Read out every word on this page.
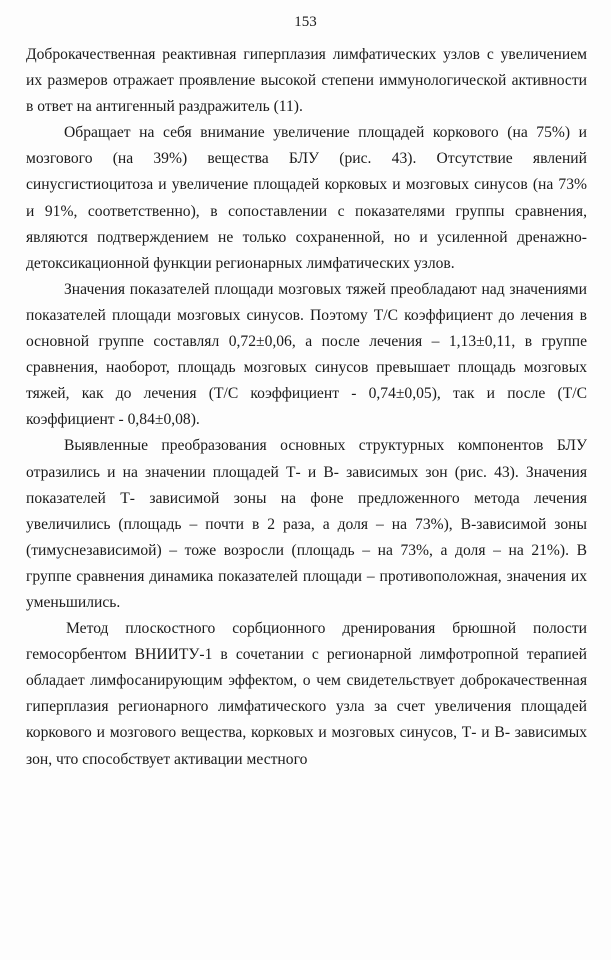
153

Доброкачественная реактивная гиперплазия лимфатических узлов с увеличением их размеров отражает проявление высокой степени иммунологической активности в ответ на антигенный раздражитель (11).

Обращает на себя внимание увеличение площадей коркового (на 75%) и мозгового (на 39%) вещества БЛУ (рис. 43). Отсутствие явлений синусгистиоцитоза и увеличение площадей корковых и мозговых синусов (на 73% и 91%, соответственно), в сопоставлении с показателями группы сравнения, являются подтверждением не только сохраненной, но и усиленной дренажно-детоксикационной функции регионарных лимфатических узлов.

Значения показателей площади мозговых тяжей преобладают над значениями показателей площади мозговых синусов. Поэтому Т/С коэффициент до лечения в основной группе составлял 0,72±0,06, а после лечения – 1,13±0,11, в группе сравнения, наоборот, площадь мозговых синусов превышает площадь мозговых тяжей, как до лечения (Т/С коэффициент - 0,74±0,05), так и после (Т/С коэффициент - 0,84±0,08).

Выявленные преобразования основных структурных компонентов БЛУ отразились и на значении площадей Т- и В- зависимых зон (рис. 43). Значения показателей Т- зависимой зоны на фоне предложенного метода лечения увеличились (площадь – почти в 2 раза, а доля – на 73%), В-зависимой зоны (тимуснезависимой) – тоже возросли (площадь – на 73%, а доля – на 21%). В группе сравнения динамика показателей площади – противоположная, значения их уменьшились.

Метод плоскостного сорбционного дренирования брюшной полости гемосорбентом ВНИИТУ-1 в сочетании с регионарной лимфотропной терапией обладает лимфосанирующим эффектом, о чем свидетельствует доброкачественная гиперплазия регионарного лимфатического узла за счет увеличения площадей коркового и мозгового вещества, корковых и мозговых синусов, Т- и В- зависимых зон, что способствует активации местного
